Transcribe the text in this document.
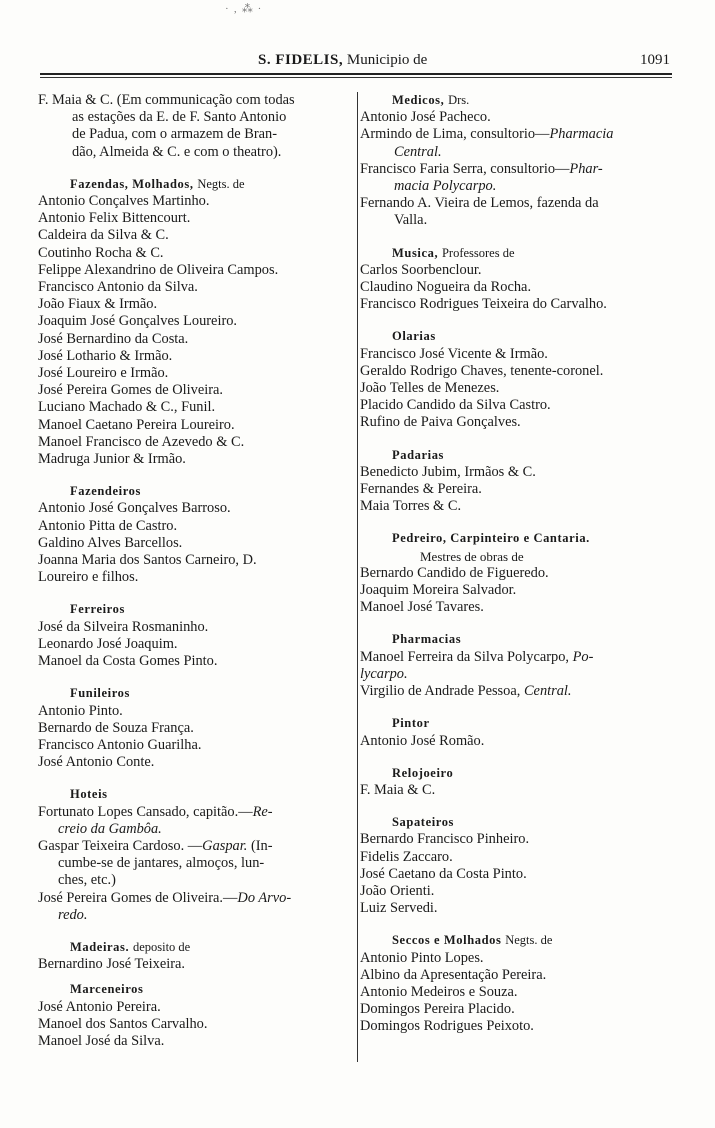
· ‚ ⁂ ·
S. FIDELIS, Municipio de	1091
F. Maia & C. (Em communicação com todas
as estações da E. de F. Santo Antonio
de Padua, com o armazem de Bran-
dão, Almeida & C. e com o theatro).
Fazendas, Molhados, Negts. de
Antonio Conçalves Martinho.
Antonio Felix Bittencourt.
Caldeira da Silva & C.
Coutinho Rocha & C.
Felippe Alexandrino de Oliveira Campos.
Francisco Antonio da Silva.
João Fiaux & Irmão.
Joaquim José Gonçalves Loureiro.
José Bernardino da Costa.
José Lothario & Irmão.
José Loureiro e Irmão.
José Pereira Gomes de Oliveira.
Luciano Machado & C., Funil.
Manoel Caetano Pereira Loureiro.
Manoel Francisco de Azevedo & C.
Madruga Junior & Irmão.
Fazendeiros
Antonio José Gonçalves Barroso.
Antonio Pitta de Castro.
Galdino Alves Barcellos.
Joanna Maria dos Santos Carneiro, D.
Loureiro e filhos.
Ferreiros
José da Silveira Rosmaninho.
Leonardo José Joaquim.
Manoel da Costa Gomes Pinto.
Funileiros
Antonio Pinto.
Bernardo de Souza França.
Francisco Antonio Guarilha.
José Antonio Conte.
Hoteis
Fortunato Lopes Cansado, capitão.—Re-
creio da Gambôa.
Gaspar Teixeira Cardoso. —Gaspar. (In-
cumbe-se de jantares, almoços, lun-
ches, etc.)
José Pereira Gomes de Oliveira.—Do Arvo-
redo.
Madeiras. deposito de
Bernardino José Teixeira.
Marceneiros
José Antonio Pereira.
Manoel dos Santos Carvalho.
Manoel José da Silva.
Medicos, Drs.
Antonio José Pacheco.
Armindo de Lima, consultorio—Pharmacia
Central.
Francisco Faria Serra, consultorio—Phar-
macia Polycarpo.
Fernando A. Vieira de Lemos, fazenda da
Valla.
Musica, Professores de
Carlos Soorbenclour.
Claudino Nogueira da Rocha.
Francisco Rodrigues Teixeira do Carvalho.
Olarias
Francisco José Vicente & Irmão.
Geraldo Rodrigo Chaves, tenente-coronel.
João Telles de Menezes.
Placido Candido da Silva Castro.
Rufino de Paiva Gonçalves.
Padarias
Benedicto Jubim, Irmãos & C.
Fernandes & Pereira.
Maia Torres & C.
Pedreiro, Carpinteiro e Cantaria.
Mestres de obras de
Bernardo Candido de Figueredo.
Joaquim Moreira Salvador.
Manoel José Tavares.
Pharmacias
Manoel Ferreira da Silva Polycarpo, Po-
lycarpo.
Virgilio de Andrade Pessoa, Central.
Pintor
Antonio José Romão.
Relojoeiro
F. Maia & C.
Sapateiros
Bernardo Francisco Pinheiro.
Fidelis Zaccaro.
José Caetano da Costa Pinto.
João Orienti.
Luiz Servedi.
Seccos e Molhados Negts. de
Antonio Pinto Lopes.
Albino da Apresentação Pereira.
Antonio Medeiros e Souza.
Domingos Pereira Placido.
Domingos Rodrigues Peixoto.
